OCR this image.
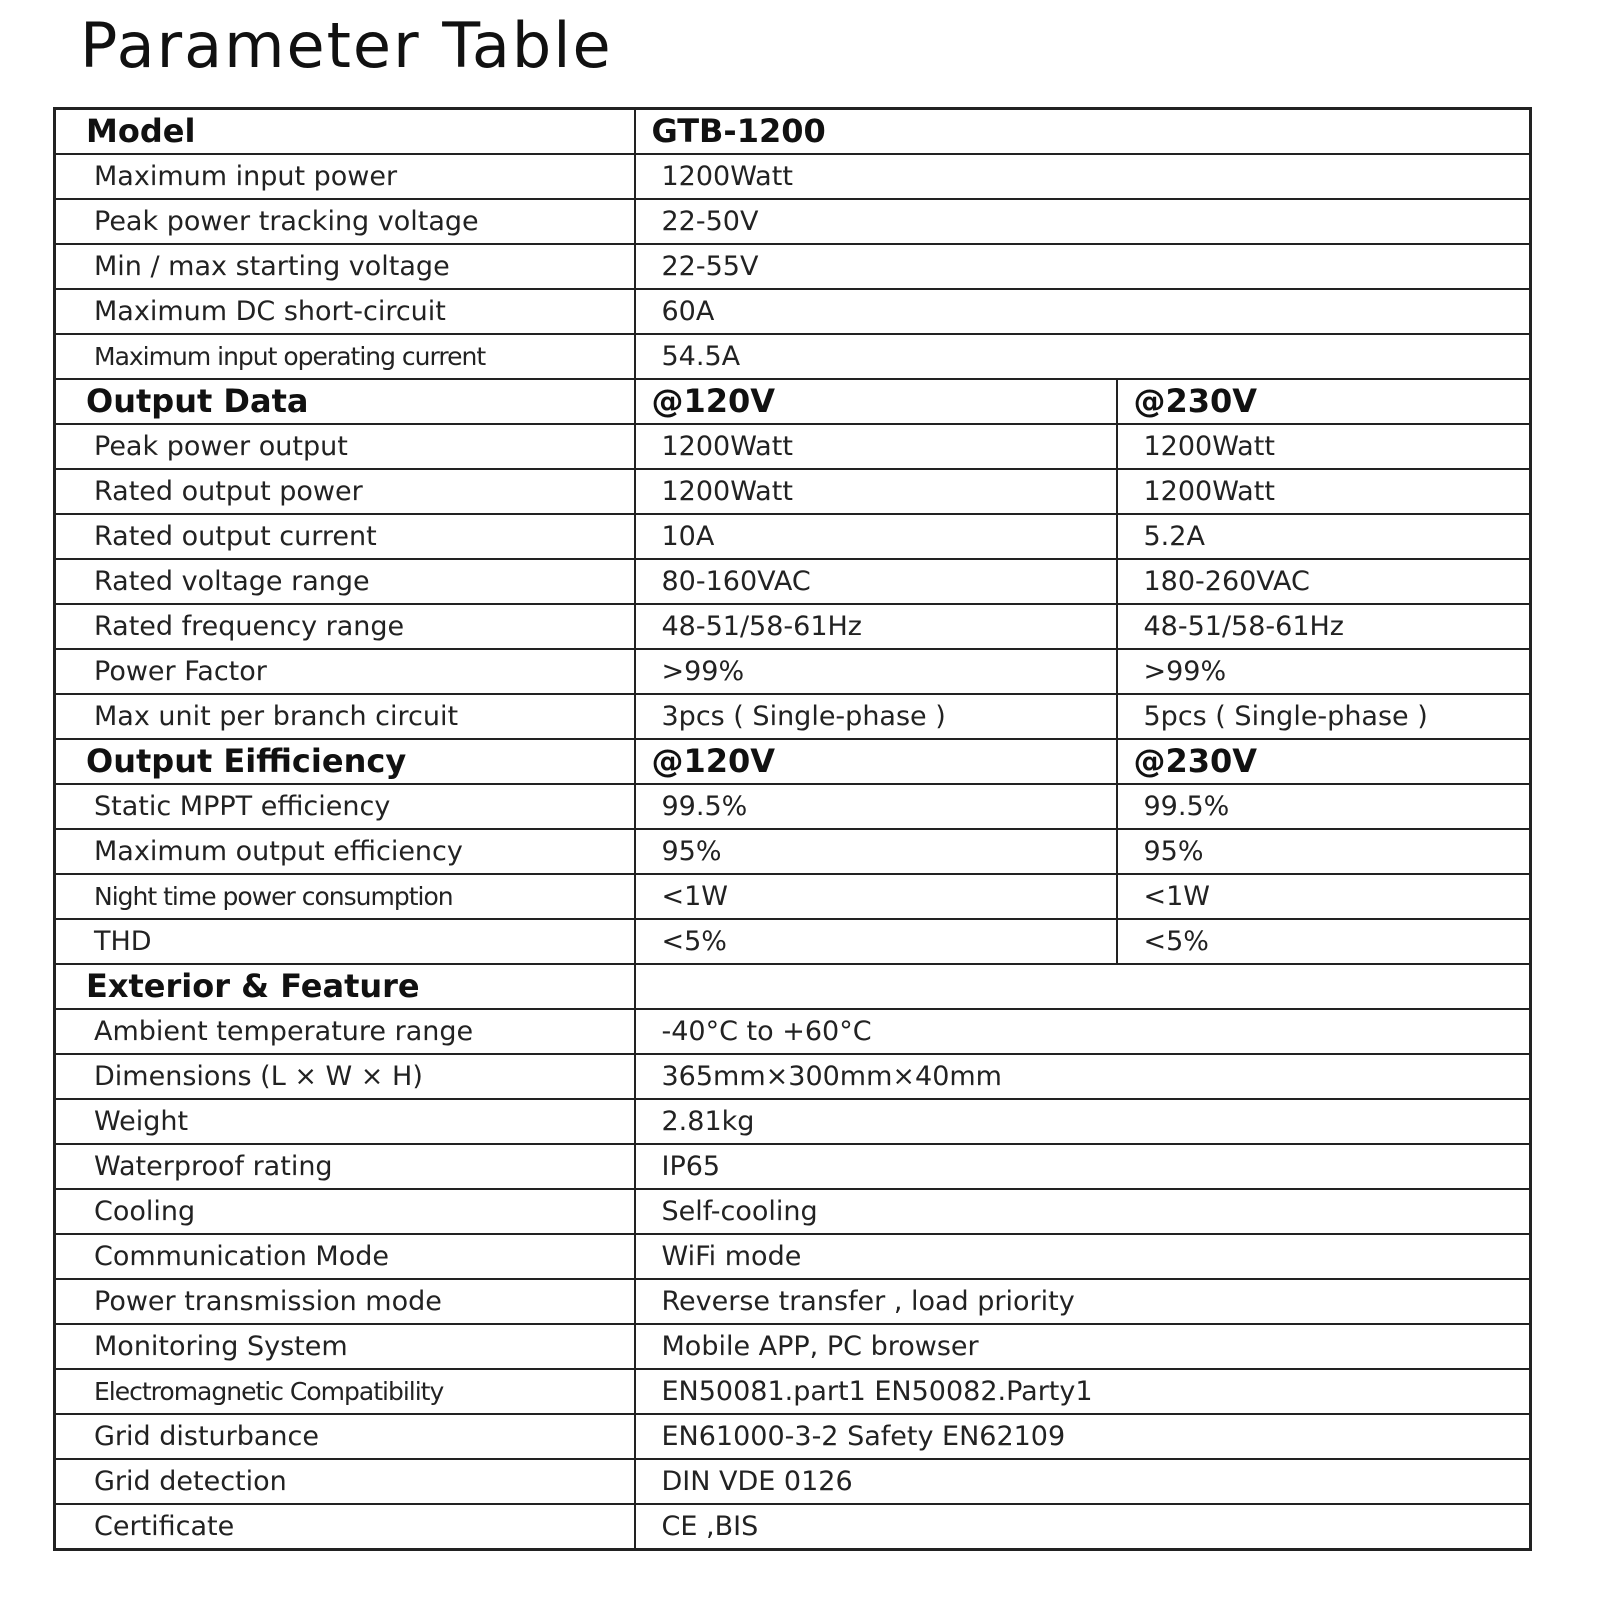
Parameter Table
Model	GTB-1200	
Maximum input power	1200Watt	
Peak power tracking voltage	22-50V	
Min / max starting voltage	22-55V	
Maximum DC short-circuit	60A	
Maximum input operating current	54.5A	
Output Data	@120V	@230V
Peak power output	1200Watt	1200Watt
Rated output power	1200Watt	1200Watt
Rated output current	10A	5.2A
Rated voltage range	80-160VAC	180-260VAC
Rated frequency range	48-51/58-61Hz	48-51/58-61Hz
Power Factor	>99%	>99%
Max unit per branch circuit	3pcs ( Single-phase )	5pcs ( Single-phase )
Output Eifficiency	@120V	@230V
Static MPPT efficiency	99.5%	99.5%
Maximum output efficiency	95%	95%
Night time power consumption	<1W	<1W
THD	<5%	<5%
Exterior & Feature		
Ambient temperature range	-40°C to +60°C	
Dimensions (L × W × H)	365mm×300mm×40mm	
Weight	2.81kg	
Waterproof rating	IP65	
Cooling	Self-cooling	
Communication Mode	WiFi mode	
Power transmission mode	Reverse transfer , load priority	
Monitoring System	Mobile APP, PC browser	
Electromagnetic Compatibility	EN50081.part1 EN50082.Party1	
Grid disturbance	EN61000-3-2 Safety EN62109	
Grid detection	DIN VDE 0126	
Certificate	CE ,BIS	
